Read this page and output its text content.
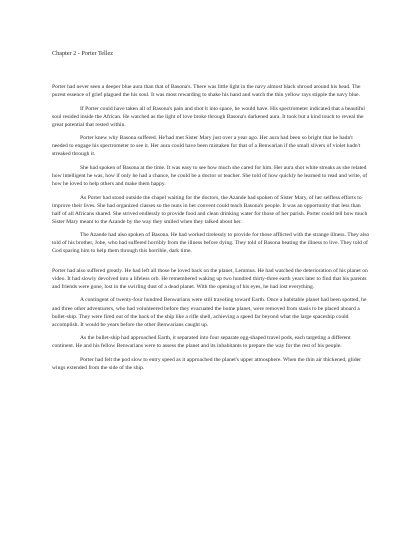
Chapter 2 - Porter Tellez

Porter had never seen a deeper blue aura than that of Basona's. There was little light in the navy almost black shroud around his head. The purest essence of grief plagued the his soul. It was most rewarding to shake his hand and watch the thin yellow rays stipple the navy blue.

If Porter could have taken all of Basona's pain and shot it into space, he would have. His spectrometer indicated that a beautiful soul resided inside the African. He watched as the light of love broke through Basona's darkened aura. It took but a kind touch to reveal the great potential that rested within.

Porter knew why Basona suffered. He'had met Sister Mary just over a year ago. Her aura had been so bright that he hadn't needed to engage his spectrometer to see it. Her aura could have been mistaken for that of a Benwarian if the small slivers of violet hadn't streaked through it.

She had spoken of Basona at the time. It was easy to see how much she cared for him. Her aura shot white streaks as she related how intelligent he was, how if only he had a chance, he could be a doctor or teacher. She told of how quickly he learned to read and write, of how he loved to help others and make them happy.

As Porter had stood outside the chapel waiting for the doctors, the Azande had spoken of Sister Mary, of her selfless efforts to improve their lives. She had organized classes so the nuns in her convent could teach Basona's people. It was an opportunity that less than half of all Africans shared. She strived endlessly to provide food and clean drinking water for those of her parish. Porter could tell how much Sister Mary meant to the Azande by the way they smiled when they talked about her.

The Azande had also spoken of Basona. He had worked tirelessly to provide for those afflicted with the strange illness. They also told of his brother, Jobe, who had suffered horribly from the illness before dying. They told of Basona beating the illness to live. They told of God sparing him to help them through this horrible, dark time.

Porter had also suffered greatly. He had left all those he loved back on the planet, Lemmus. He had watched the deterioration of his planet on video. It had slowly devolved into a lifeless orb. He remembered waking up two hundred thirty-three earth years later to find that his parents and friends were gone, lost in the swirling dust of a dead planet. With the opening of his eyes, he had lost everything.

A contingent of twenty-four hundred Benwarians were still traveling toward Earth. Once a habitable planet had been spotted, he and three other adventurers, who had volunteered before they evacuated the home planet, were removed from stasis to be placed aboard a bullet-ship. They were fired out of the back of the ship like a rifle shell, achieving a speed far beyond what the large spaceship could accomplish. It would be years before the other Benwarians caught up.

As the bullet-ship had approached Earth, it separated into four separate egg-shaped travel pods, each targeting a different continent. He and his fellow Benwarians were to assess the planet and its inhabitants to prepare the way for the rest of his people.

Porter had felt the pod slow to entry speed as it approached the planet's upper atmosphere. When the thin air thickened, glider wings extended from the side of the ship.
